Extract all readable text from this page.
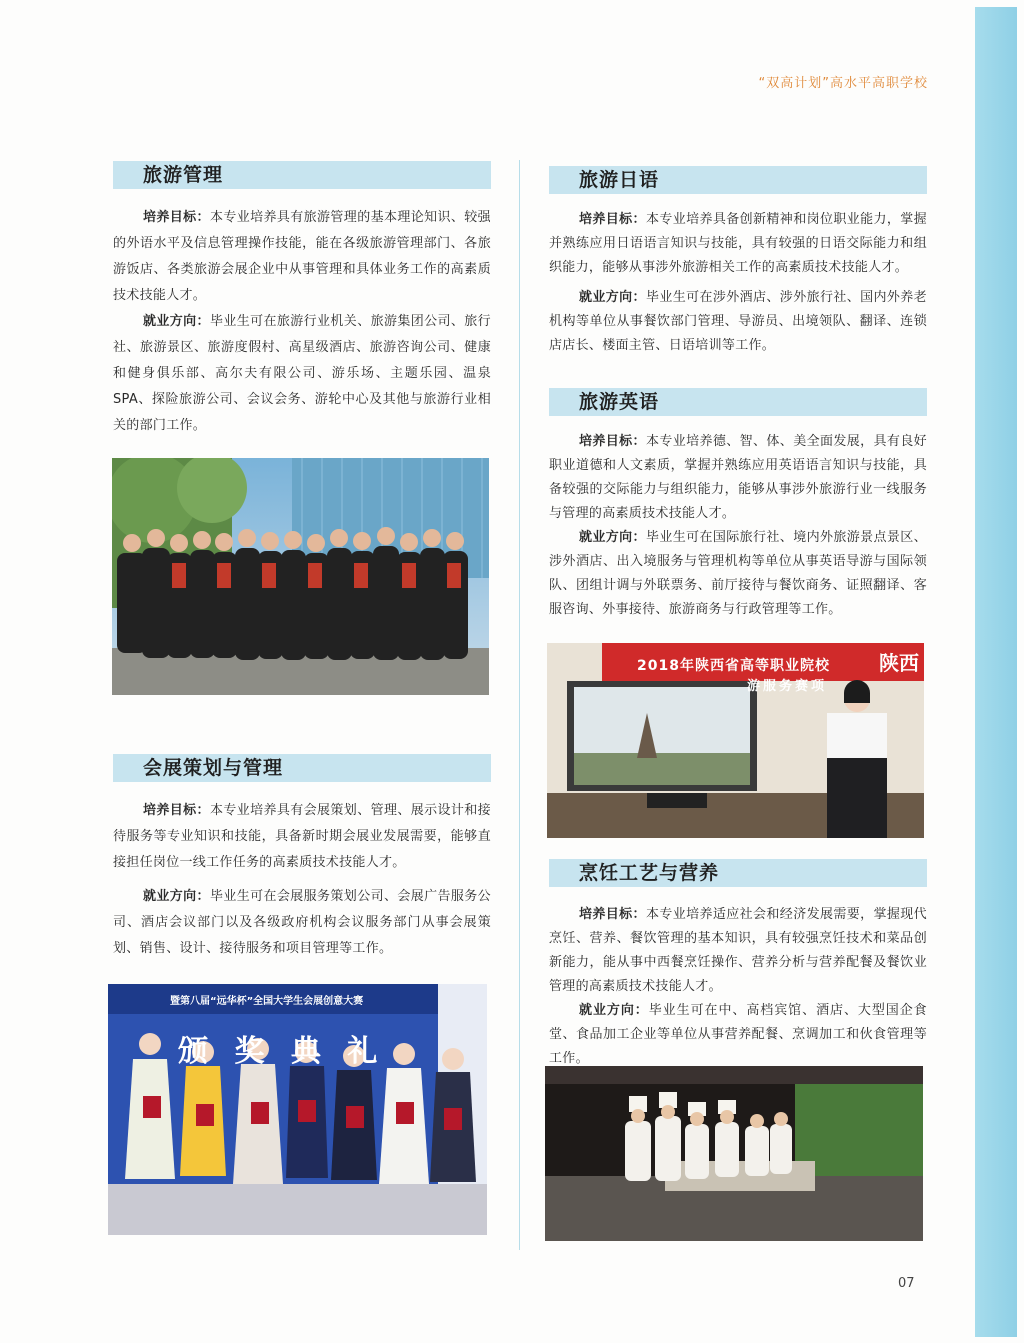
“双高计划”高水平高职学校
旅游管理

培养目标：本专业培养具有旅游管理的基本理论知识、较强的外语水平及信息管理操作技能，能在各级旅游管理部门、各旅游饭店、各类旅游会展企业中从事管理和具体业务工作的高素质技术技能人才。

就业方向：毕业生可在旅游行业机关、旅游集团公司、旅行社、旅游景区、旅游度假村、高星级酒店、旅游咨询公司、健康和健身俱乐部、高尔夫有限公司、游乐场、主题乐园、温泉SPA、探险旅游公司、会议会务、游轮中心及其他与旅游行业相关的部门工作。

会展策划与管理

培养目标：本专业培养具有会展策划、管理、展示设计和接待服务等专业知识和技能，具备新时期会展业发展需要，能够直接担任岗位一线工作任务的高素质技术技能人才。

就业方向：毕业生可在会展服务策划公司、会展广告服务公司、酒店会议部门以及各级政府机构会议服务部门从事会展策划、销售、设计、接待服务和项目管理等工作。

暨第八届“远华杯”全国大学生会展创意大赛
颁 奖 典 礼
旅游日语

培养目标：本专业培养具备创新精神和岗位职业能力，掌握并熟练应用日语语言知识与技能，具有较强的日语交际能力和组织能力，能够从事涉外旅游相关工作的高素质技术技能人才。

就业方向：毕业生可在涉外酒店、涉外旅行社、国内外养老机构等单位从事餐饮部门管理、导游员、出境领队、翻译、连锁店店长、楼面主管、日语培训等工作。

旅游英语

培养目标：本专业培养德、智、体、美全面发展，具有良好职业道德和人文素质，掌握并熟练应用英语语言知识与技能，具备较强的交际能力与组织能力，能够从事涉外旅游行业一线服务与管理的高素质技术技能人才。

就业方向：毕业生可在国际旅行社、境内外旅游景点景区、涉外酒店、出入境服务与管理机构等单位从事英语导游与国际领队、团组计调与外联票务、前厅接待与餐饮商务、证照翻译、客服咨询、外事接待、旅游商务与行政管理等工作。

2018年陕西省高等职业院校 陕西
游服务赛项
烹饪工艺与营养

培养目标：本专业培养适应社会和经济发展需要，掌握现代烹饪、营养、餐饮管理的基本知识，具有较强烹饪技术和菜品创新能力，能从事中西餐烹饪操作、营养分析与营养配餐及餐饮业管理的高素质技术技能人才。

就业方向：毕业生可在中、高档宾馆、酒店、大型国企食堂、食品加工企业等单位从事营养配餐、烹调加工和伙食管理等工作。

07
